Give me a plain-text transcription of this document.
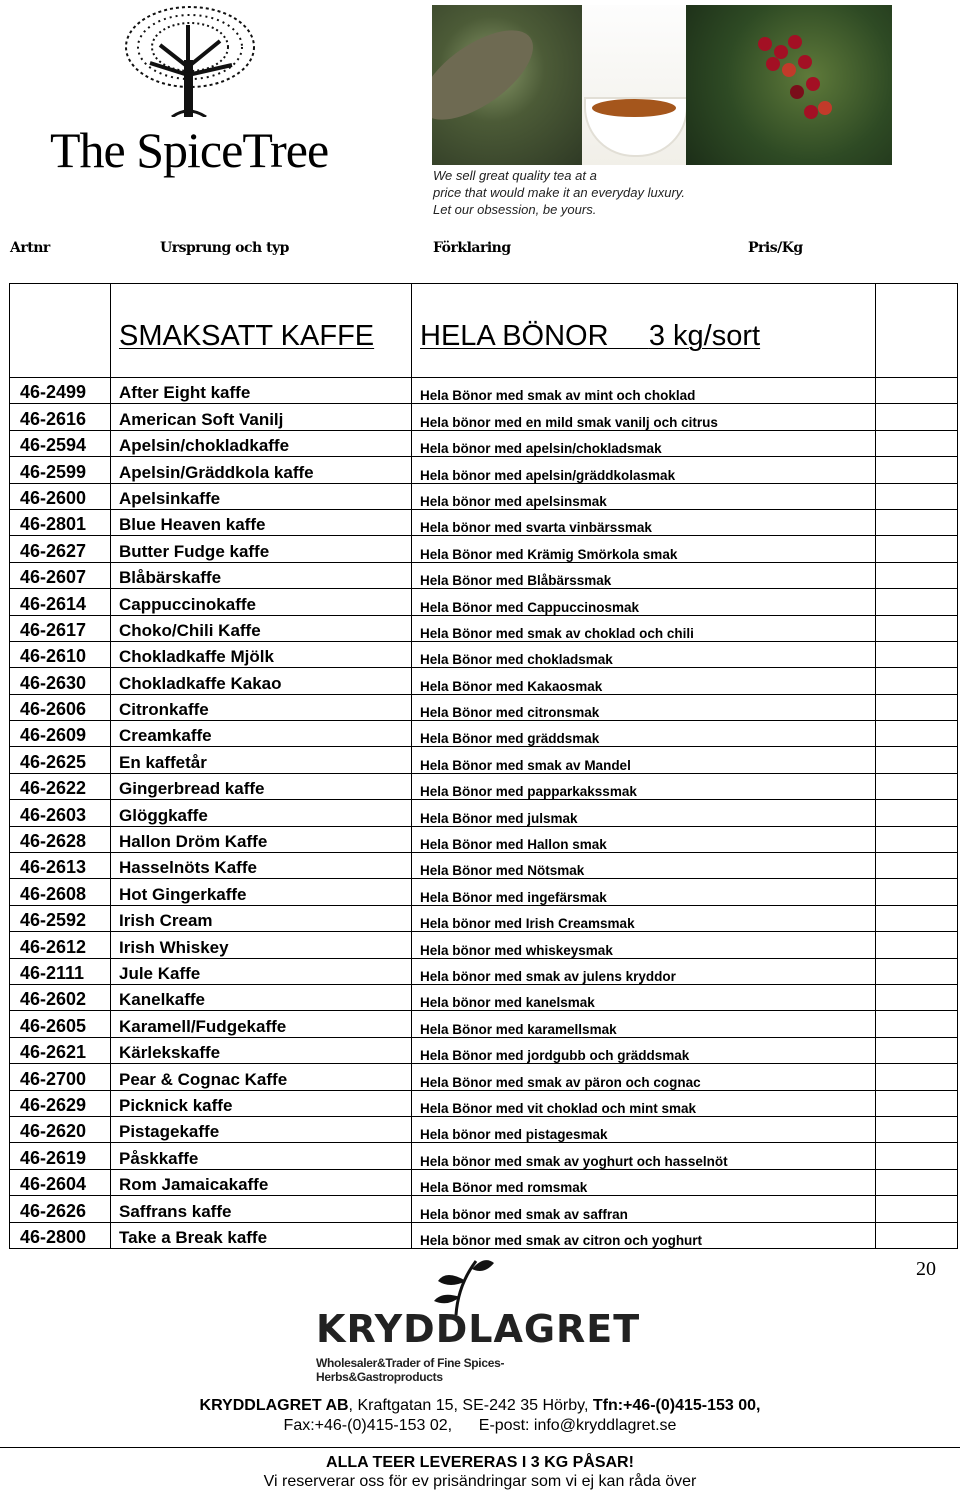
The SpiceTree	We sell great quality tea at a
price that would make it an everyday luxury.
Let our obsession, be yours.
Artnr	Ursprung och typ	Förklaring	Pris/Kg
	SMAKSATT KAFFE	HELA BÖNOR 3 kg/sort	
46-2499	After Eight kaffe	Hela Bönor med smak av mint och choklad	
46-2616	American Soft Vanilj	Hela bönor med en mild smak vanilj och citrus	
46-2594	Apelsin/chokladkaffe	Hela bönor med apelsin/chokladsmak	
46-2599	Apelsin/Gräddkola kaffe	Hela bönor med apelsin/gräddkolasmak	
46-2600	Apelsinkaffe	Hela bönor med apelsinsmak	
46-2801	Blue Heaven kaffe	Hela bönor med svarta vinbärssmak	
46-2627	Butter Fudge kaffe	Hela Bönor med Krämig Smörkola smak	
46-2607	Blåbärskaffe	Hela Bönor med Blåbärssmak	
46-2614	Cappuccinokaffe	Hela Bönor med Cappuccinosmak	
46-2617	Choko/Chili Kaffe	Hela Bönor med smak av choklad och chili	
46-2610	Chokladkaffe Mjölk	Hela Bönor med chokladsmak	
46-2630	Chokladkaffe Kakao	Hela Bönor med Kakaosmak	
46-2606	Citronkaffe	Hela Bönor med citronsmak	
46-2609	Creamkaffe	Hela Bönor med gräddsmak	
46-2625	En kaffetår	Hela Bönor med smak av Mandel	
46-2622	Gingerbread kaffe	Hela Bönor med papparkakssmak	
46-2603	Glöggkaffe	Hela Bönor med julsmak	
46-2628	Hallon Dröm Kaffe	Hela Bönor med Hallon smak	
46-2613	Hasselnöts Kaffe	Hela Bönor med Nötsmak	
46-2608	Hot Gingerkaffe	Hela Bönor med ingefärsmak	
46-2592	Irish Cream	Hela bönor med Irish Creamsmak	
46-2612	Irish Whiskey	Hela bönor med whiskeysmak	
46-2111	Jule Kaffe	Hela bönor med smak av julens kryddor	
46-2602	Kanelkaffe	Hela bönor med kanelsmak	
46-2605	Karamell/Fudgekaffe	Hela Bönor med karamellsmak	
46-2621	Kärlekskaffe	Hela Bönor med jordgubb och gräddsmak	
46-2700	Pear & Cognac Kaffe	Hela Bönor med smak av päron och cognac	
46-2629	Picknick kaffe	Hela Bönor med vit choklad och mint smak	
46-2620	Pistagekaffe	Hela bönor med pistagesmak	
46-2619	Påskkaffe	Hela bönor med smak av yoghurt och hasselnöt	
46-2604	Rom Jamaicakaffe	Hela Bönor med romsmak	
46-2626	Saffrans kaffe	Hela bönor med smak av saffran	
46-2800	Take a Break kaffe	Hela bönor med smak av citron och yoghurt	
20
KRYDDLAGRET
Wholesaler&Trader of Fine Spices-Herbs&Gastroproducts
KRYDDLAGRET AB, Kraftgatan 15, SE-242 35 Hörby, Tfn:+46-(0)415-153 00,
Fax:+46-(0)415-153 02,      E-post: info@kryddlagret.se
ALLA TEER LEVERERAS I 3 KG PÅSAR!
Vi reserverar oss för ev prisändringar som vi ej kan råda över
